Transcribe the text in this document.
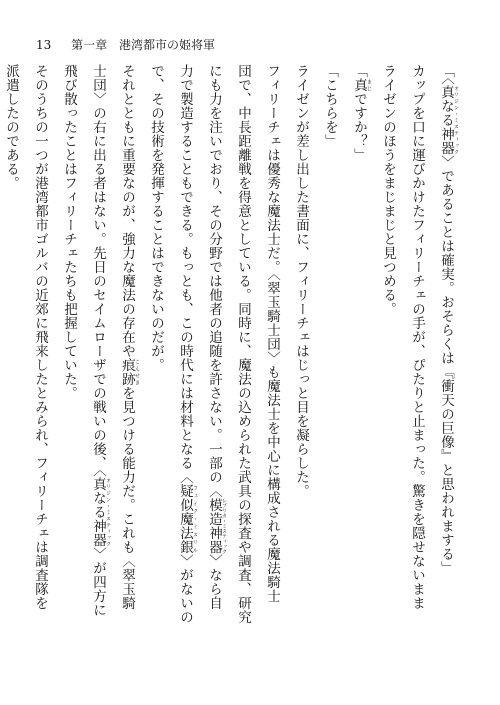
13 第一章 港湾都市の姫将軍

「〈真なる神器 オリジン・ミスティック〉であることは確実。おそらくは『衝天の巨像』と思われまする」

カップを口に運びかけたフィリーチェの手が、ぴたりと止まった。驚きを隠せないまま

ライゼンのほうをまじまじと見つめる。

「真 まじですか？」

「こちらを」

ライゼンが差し出した書面に、フィリーチェはじっと目を凝らした。

フィリーチェは優秀な魔法士だ。〈翠玉騎士団〉も魔法士を中心に構成される魔法騎士

団で、中長距離戦を得意としている。同時に、魔法の込められた武具の探査や調査、研究

にも力を注いでおり、その分野では他者の追随を許さない。一部の〈模造神器 レプリカ・ミスティック〉なら自

力で製造することもできる。もっとも、この時代には材料となる〈疑似魔法銀 フェイク・ミスリル〉がないの

で、その技術を発揮することはできないのだが。

それとともに重要なのが、強力な魔法の存在や痕跡 こんせきを見つける能力だ。これも〈翠玉騎

士団〉の右に出る者はない。先日のセイムローザでの戦いの後、〈真なる神器 オリジン・ミスティック〉が四方に

飛び散ったことはフィリーチェたちも把握していた。

そのうちの一つが港湾都市ゴルバの近郊に飛来したとみられ、フィリーチェは調査隊を

派遣したのである。
